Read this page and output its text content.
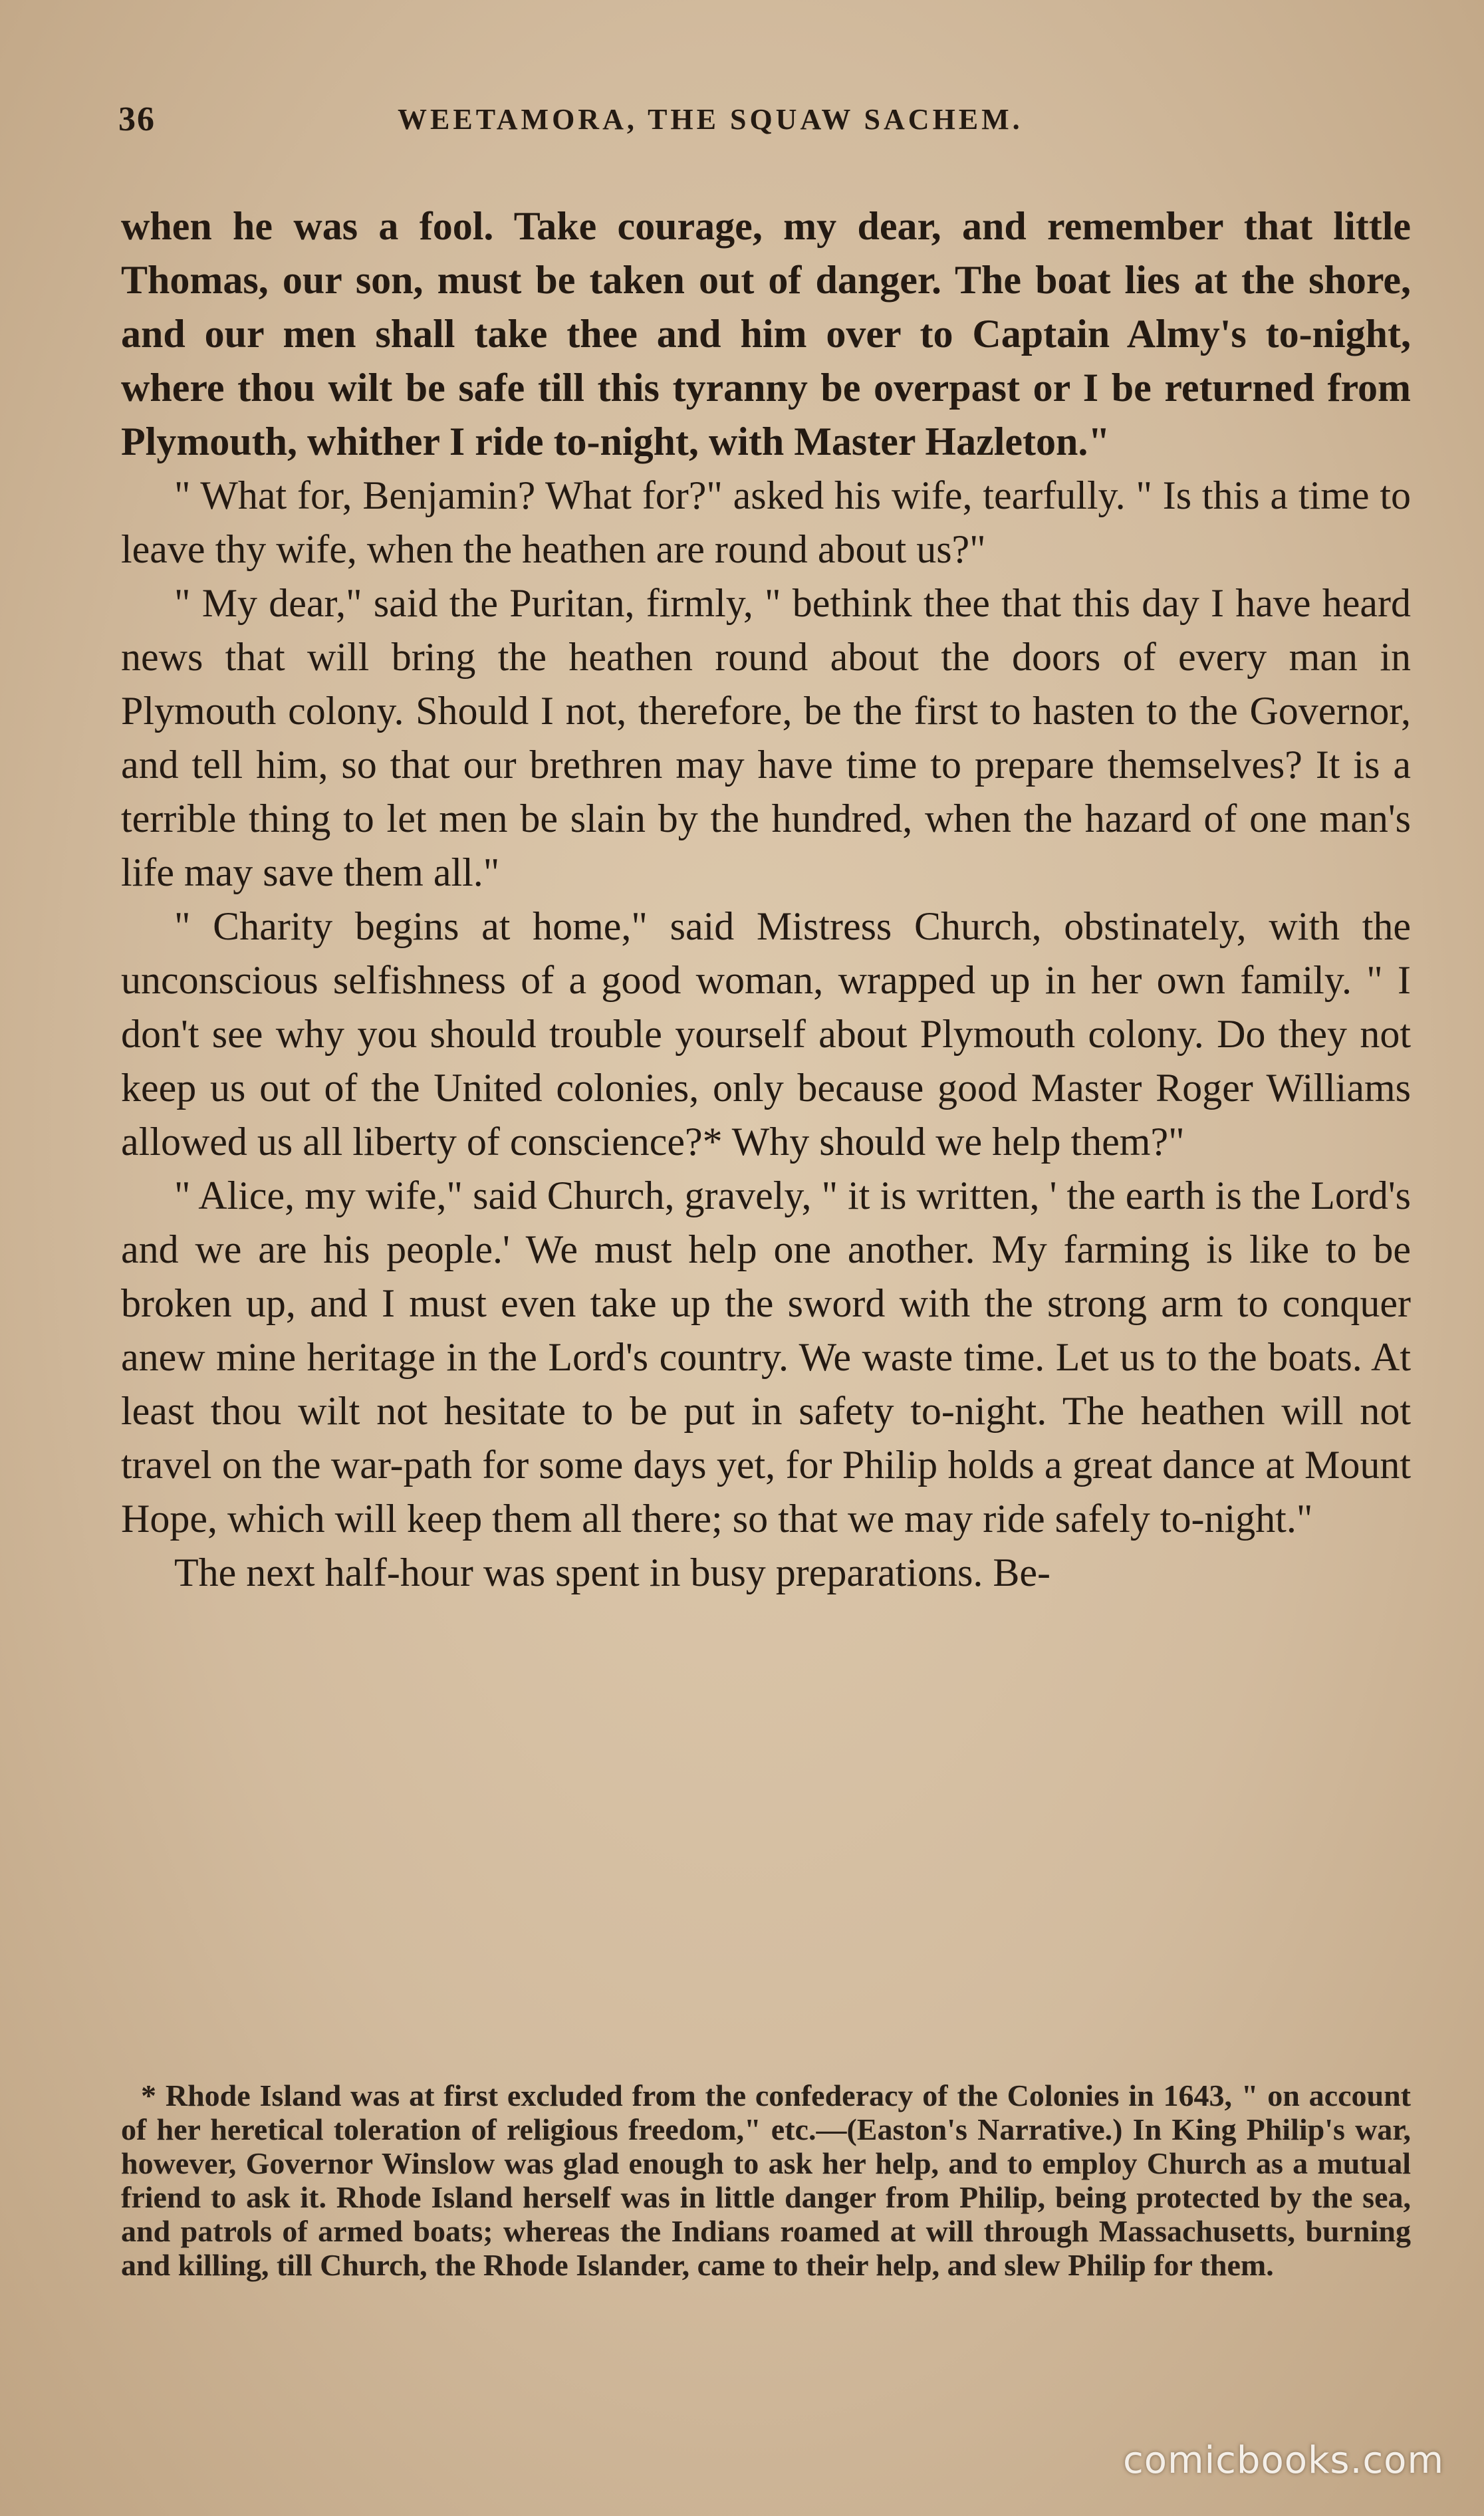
36	WEETAMORA, THE SQUAW SACHEM.

when he was a fool. Take courage, my dear, and remember that little Thomas, our son, must be taken out of danger. The boat lies at the shore, and our men shall take thee and him over to Captain Almy's to-night, where thou wilt be safe till this tyranny be overpast or I be returned from Plymouth, whither I ride to-night, with Master Hazleton."

" What for, Benjamin? What for?" asked his wife, tearfully. " Is this a time to leave thy wife, when the heathen are round about us?"

" My dear," said the Puritan, firmly, " bethink thee that this day I have heard news that will bring the heathen round about the doors of every man in Plymouth colony. Should I not, therefore, be the first to hasten to the Governor, and tell him, so that our brethren may have time to prepare themselves? It is a terrible thing to let men be slain by the hundred, when the hazard of one man's life may save them all."

" Charity begins at home," said Mistress Church, obstinately, with the unconscious selfishness of a good woman, wrapped up in her own family. " I don't see why you should trouble yourself about Plymouth colony. Do they not keep us out of the United colonies, only because good Master Roger Williams allowed us all liberty of conscience?* Why should we help them?"

" Alice, my wife," said Church, gravely, " it is written, ' the earth is the Lord's and we are his people.' We must help one another. My farming is like to be broken up, and I must even take up the sword with the strong arm to conquer anew mine heritage in the Lord's country. We waste time. Let us to the boats. At least thou wilt not hesitate to be put in safety to-night. The heathen will not travel on the war-path for some days yet, for Philip holds a great dance at Mount Hope, which will keep them all there; so that we may ride safely to-night."

The next half-hour was spent in busy preparations. Be-

* Rhode Island was at first excluded from the confederacy of the Colonies in 1643, " on account of her heretical toleration of religious freedom," etc.—(Easton's Narrative.) In King Philip's war, however, Governor Winslow was glad enough to ask her help, and to employ Church as a mutual friend to ask it. Rhode Island herself was in little danger from Philip, being protected by the sea, and patrols of armed boats; whereas the Indians roamed at will through Massachusetts, burning and killing, till Church, the Rhode Islander, came to their help, and slew Philip for them.

comicbooks.com
